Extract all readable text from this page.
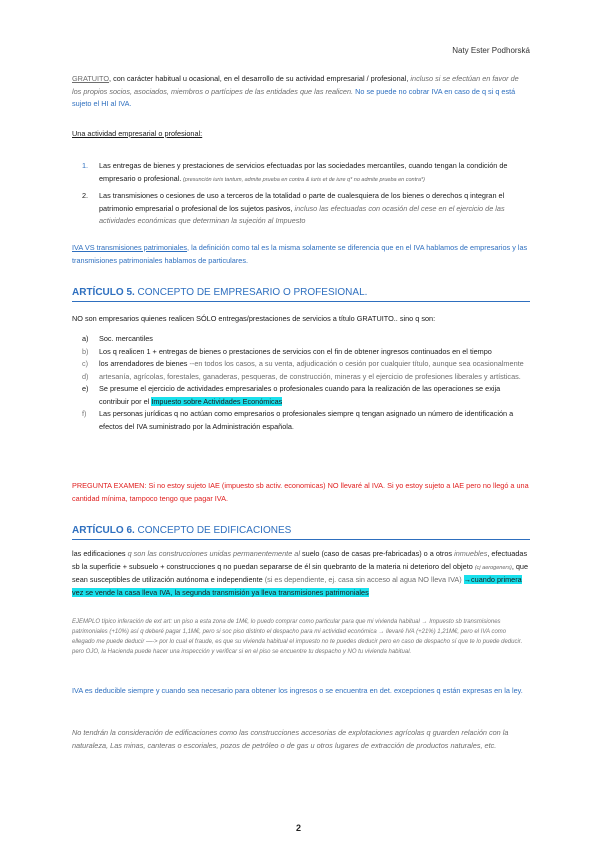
Naty Ester Podhorská
GRATUITO, con carácter habitual u ocasional, en el desarrollo de su actividad empresarial / profesional, incluso si se efectúan en favor de los propios socios, asociados, miembros o partícipes de las entidades que las realicen. No se puede no cobrar IVA en caso de q si q está sujeto el HI al IVA.
Una actividad empresarial o profesional:
1. Las entregas de bienes y prestaciones de servicios efectuadas por las sociedades mercantiles, cuando tengan la condición de empresario o profesional. (presunción iuris tantum, admite prueba en contra & iuris et de iure q* no admite prueba en contra*)
2. Las transmisiones o cesiones de uso a terceros de la totalidad o parte de cualesquiera de los bienes o derechos q integran el patrimonio empresarial o profesional de los sujetos pasivos, incluso las efectuadas con ocasión del cese en el ejercicio de las actividades económicas que determinan la sujeción al Impuesto
IVA VS transmisiones patrimoniales, la definición como tal es la misma solamente se diferencia que en el IVA hablamos de empresarios y las transmisiones patrimoniales hablamos de particulares.
ARTÍCULO 5. CONCEPTO DE EMPRESARIO O PROFESIONAL.
NO son empresarios quienes realicen SÓLO entregas/prestaciones de servicios a título GRATUITO.. sino q son:
a) Soc. mercantiles
b) Los q realicen 1 + entregas de bienes o prestaciones de servicios con el fin de obtener ingresos continuados en el tiempo
c) los arrendadores de bienes --en todos los casos, a su venta, adjudicación o cesión por cualquier título, aunque sea ocasionalmente
d) artesanía, agrícolas, forestales, ganaderas, pesqueras, de construcción, mineras y el ejercicio de profesiones liberales y artísticas.
e) Se presume el ejercicio de actividades empresariales o profesionales cuando para la realización de las operaciones se exija contribuir por el Impuesto sobre Actividades Económicas
f) Las personas jurídicas q no actúan como empresarios o profesionales siempre q tengan asignado un número de identificación a efectos del IVA suministrado por la Administración española.
PREGUNTA EXAMEN: Si no estoy sujeto IAE (impuesto sb activ. economicas) NO llevaré al IVA. Si yo estoy sujeto a IAE pero no llegó a una cantidad mínima, tampoco tengo que pagar IVA.
ARTÍCULO 6. CONCEPTO DE EDIFICACIONES
las edificaciones q son las construcciones unidas permanentemente al suelo (caso de casas pre-fabricadas) o a otros inmuebles, efectuadas sb la superficie + subsuelo + construcciones q no puedan separarse de él sin quebranto de la materia ni deterioro del objeto (cj aerogeners), que sean susceptibles de utilización autónoma e independiente (si es dependiente, ej. casa sin acceso al agua NO lleva IVA) →cuando primera vez se vende la casa lleva IVA, la segunda transmisión ya lleva transmisiones patrimoniales
EJEMPLO típico inferación de ext art: un piso a esta zona de 1M€, lo puedo comprar como particular para que mi vivienda habitual → Impuesto sb transmisiones patrimoniales (+10%) así q deberé pagar 1,1M€, pero si soc piso distinto el despacho para mi actividad económica → llevaré IVA (+21%) 1,21M€, pero el IVA como ellegado me puede deducir —-> por lo cual el fraude, es que su vivienda habitual el impuesto no te puedes deducir pero en caso de despacho sí que te lo puede deducir. pero OJO, la Hacienda puede hacer una inspección y verificar si en el piso se encuentre tu despacho y NO tu vivienda habitual.
IVA es deducible siempre y cuando sea necesario para obtener los ingresos o se encuentra en det. excepciones q están expresas en la ley.
No tendrán la consideración de edificaciones como las construcciones accesorias de explotaciones agrícolas q guarden relación con la naturaleza, Las minas, canteras o escoriales, pozos de petróleo o de gas u otros lugares de extracción de productos naturales, etc.
2
